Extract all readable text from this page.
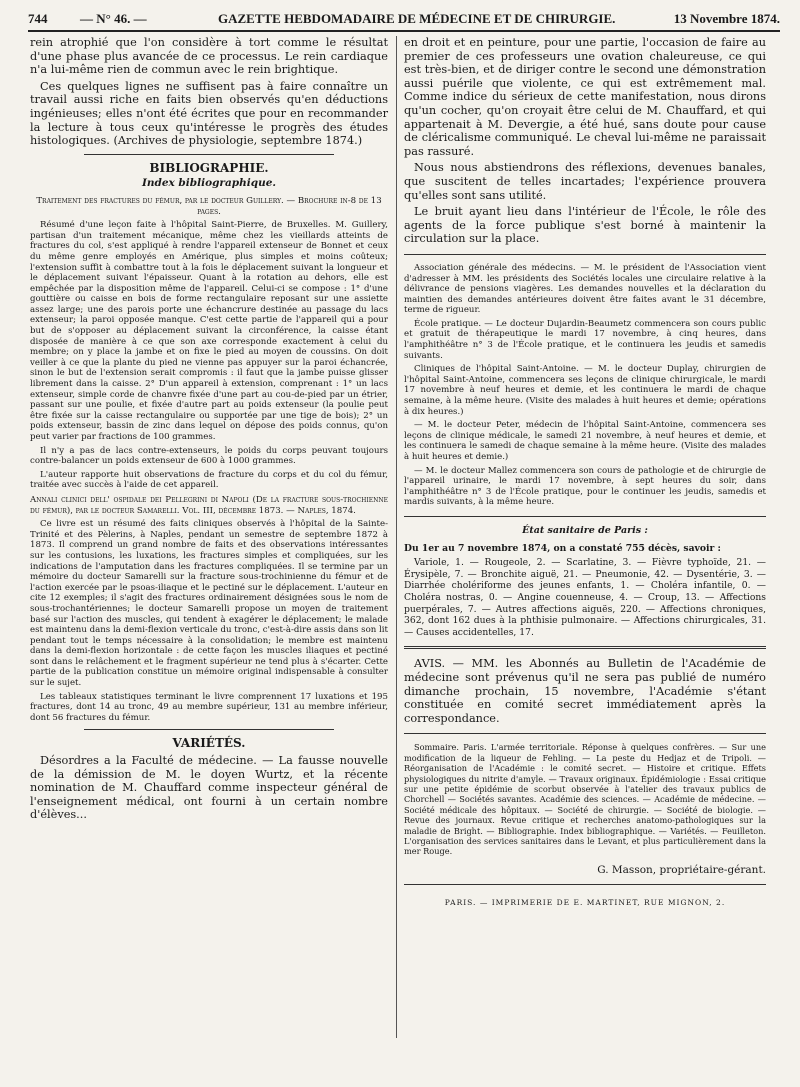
744	— N° 46. —	GAZETTE HEBDOMADAIRE DE MÉDECINE ET DE CHIRURGIE.	13 Novembre 1874.

rein atrophié que l'on considère à tort comme le résultat d'une phase plus avancée de ce processus. Le rein cardiaque n'a lui-même rien de commun avec le rein brightique.

Ces quelques lignes ne suffisent pas à faire connaître un travail aussi riche en faits bien observés qu'en déductions ingénieuses; elles n'ont été écrites que pour en recommander la lecture à tous ceux qu'intéresse le progrès des études histologiques. (Archives de physiologie, septembre 1874.)

BIBLIOGRAPHIE.
Index bibliographique.

Traitement des fractures du fémur, par le docteur Guillery. — Brochure in-8 de 13 pages.

Résumé d'une leçon faite à l'hôpital Saint-Pierre, de Bruxelles. M. Guillery, partisan d'un traitement mécanique, même chez les vieillards atteints de fractures du col, s'est appliqué à rendre l'appareil extenseur de Bonnet et ceux du même genre employés en Amérique, plus simples et moins coûteux; l'extension suffit à combattre tout à la fois le déplacement suivant la longueur et le déplacement suivant l'épaisseur. Quant à la rotation au dehors, elle est empêchée par la disposition même de l'appareil. Celui-ci se compose : 1° d'une gouttière ou caisse en bois de forme rectangulaire reposant sur une assiette assez large; une des parois porte une échancrure destinée au passage du lacs extenseur; la paroi opposée manque. C'est cette partie de l'appareil qui a pour but de s'opposer au déplacement suivant la circonférence, la caisse étant disposée de manière à ce que son axe corresponde exactement à celui du membre; on y place la jambe et on fixe le pied au moyen de coussins. On doit veiller à ce que la plante du pied ne vienne pas appuyer sur la paroi échancrée, sinon le but de l'extension serait compromis : il faut que la jambe puisse glisser librement dans la caisse. 2° D'un appareil à extension, comprenant : 1° un lacs extenseur, simple corde de chanvre fixée d'une part au cou-de-pied par un étrier, passant sur une poulie, et fixée d'autre part au poids extenseur (la poulie peut être fixée sur la caisse rectangulaire ou supportée par une tige de bois); 2° un poids extenseur, bassin de zinc dans lequel on dépose des poids connus, qu'on peut varier par fractions de 100 grammes.

Il n'y a pas de lacs contre-extenseurs, le poids du corps peuvant toujours contre-balancer un poids extenseur de 600 à 1000 grammes.

L'auteur rapporte huit observations de fracture du corps et du col du fémur, traitée avec succès à l'aide de cet appareil.

Annali clinici dell' ospidale dei Pellegrini di Napoli (De la fracture sous-trochienne du fémur), par le docteur Samarelli. Vol. III, décembre 1873. — Naples, 1874.

Ce livre est un résumé des faits cliniques observés à l'hôpital de la Sainte-Trinité et des Pèlerins, à Naples, pendant un semestre de septembre 1872 à 1873. Il comprend un grand nombre de faits et des observations intéressantes sur les contusions, les luxations, les fractures simples et compliquées, sur les indications de l'amputation dans les fractures compliquées. Il se termine par un mémoire du docteur Samarelli sur la fracture sous-trochinienne du fémur et de l'action exercée par le psoas-iliaque et le pectiné sur le déplacement. L'auteur en cite 12 exemples; il s'agit des fractures ordinairement désignées sous le nom de sous-trochantériennes; le docteur Samarelli propose un moyen de traitement basé sur l'action des muscles, qui tendent à exagérer le déplacement; le malade est maintenu dans la demi-flexion verticale du tronc, c'est-à-dire assis dans son lit pendant tout le temps nécessaire à la consolidation; le membre est maintenu dans la demi-flexion horizontale : de cette façon les muscles iliaques et pectiné sont dans le relâchement et le fragment supérieur ne tend plus à s'écarter. Cette partie de la publication constitue un mémoire original indispensable à consulter sur le sujet.

Les tableaux statistiques terminant le livre comprennent 17 luxations et 195 fractures, dont 14 au tronc, 49 au membre supérieur, 131 au membre inférieur, dont 56 fractures du fémur.

VARIÉTÉS.

Désordres a la Faculté de médecine. — La fausse nouvelle de la démission de M. le doyen Wurtz, et la récente nomination de M. Chauffard comme inspecteur général de l'enseignement médical, ont fourni à un certain nombre d'élèves...

en droit et en peinture, pour une partie, l'occasion de faire au premier de ces professeurs une ovation chaleureuse, ce qui est très-bien, et de diriger contre le second une démonstration aussi puérile que violente, ce qui est extrêmement mal. Comme indice du sérieux de cette manifestation, nous dirons qu'un cocher, qu'on croyait être celui de M. Chauffard, et qui appartenait à M. Devergie, a été hué, sans doute pour cause de cléricalisme communiqué. Le cheval lui-même ne paraissait pas rassuré.

Nous nous abstiendrons des réflexions, devenues banales, que suscitent de telles incartades; l'expérience prouvera qu'elles sont sans utilité.

Le bruit ayant lieu dans l'intérieur de l'École, le rôle des agents de la force publique s'est borné à maintenir la circulation sur la place.

Association générale des médecins. — M. le président de l'Association vient d'adresser à MM. les présidents des Sociétés locales une circulaire relative à la délivrance de pensions viagères. Les demandes nouvelles et la déclaration du maintien des demandes antérieures doivent être faites avant le 31 décembre, terme de rigueur.

École pratique. — Le docteur Dujardin-Beaumetz commencera son cours public et gratuit de thérapeutique le mardi 17 novembre, à cinq heures, dans l'amphithéâtre n° 3 de l'École pratique, et le continuera les jeudis et samedis suivants.

Cliniques de l'hôpital Saint-Antoine. — M. le docteur Duplay, chirurgien de l'hôpital Saint-Antoine, commencera ses leçons de clinique chirurgicale, le mardi 17 novembre à neuf heures et demie, et les continuera le mardi de chaque semaine, à la même heure. (Visite des malades à huit heures et demie; opérations à dix heures.)

— M. le docteur Peter, médecin de l'hôpital Saint-Antoine, commencera ses leçons de clinique médicale, le samedi 21 novembre, à neuf heures et demie, et les continuera le samedi de chaque semaine à la même heure. (Visite des malades à huit heures et demie.)

— M. le docteur Mallez commencera son cours de pathologie et de chirurgie de l'appareil urinaire, le mardi 17 novembre, à sept heures du soir, dans l'amphithéâtre n° 3 de l'École pratique, pour le continuer les jeudis, samedis et mardis suivants, à la même heure.

État sanitaire de Paris :

Du 1er au 7 novembre 1874, on a constaté 755 décès, savoir :

Variole, 1. — Rougeole, 2. — Scarlatine, 3. — Fièvre typhoïde, 21. — Érysipèle, 7. — Bronchite aiguë, 21. — Pneumonie, 42. — Dysentérie, 3. — Diarrhée cholériforme des jeunes enfants, 1. — Choléra infantile, 0. — Choléra nostras, 0. — Angine couenneuse, 4. — Croup, 13. — Affections puerpérales, 7. — Autres affections aiguës, 220. — Affections chroniques, 362, dont 162 dues à la phthisie pulmonaire. — Affections chirurgicales, 31. — Causes accidentelles, 17.

AVIS. — MM. les Abonnés au Bulletin de l'Académie de médecine sont prévenus qu'il ne sera pas publié de numéro dimanche prochain, 15 novembre, l'Académie s'étant constituée en comité secret immédiatement après la correspondance.

Sommaire. Paris. L'armée territoriale. Réponse à quelques confrères. — Sur une modification de la liqueur de Fehling. — La peste du Hedjaz et de Tripoli. — Réorganisation de l'Académie : le comité secret. — Histoire et critique. Effets physiologiques du nitrite d'amyle. — Travaux originaux. Épidémiologie : Essai critique sur une petite épidémie de scorbut observée à l'atelier des travaux publics de Chorchell — Sociétés savantes. Académie des sciences. — Académie de médecine. — Société médicale des hôpitaux. — Société de chirurgie. — Société de biologie. — Revue des journaux. Revue critique et recherches anatomo-pathologiques sur la maladie de Bright. — Bibliographie. Index bibliographique. — Variétés. — Feuilleton. L'organisation des services sanitaires dans le Levant, et plus particulièrement dans la mer Rouge.

G. Masson, propriétaire-gérant.

PARIS. — IMPRIMERIE DE E. MARTINET, RUE MIGNON, 2.
